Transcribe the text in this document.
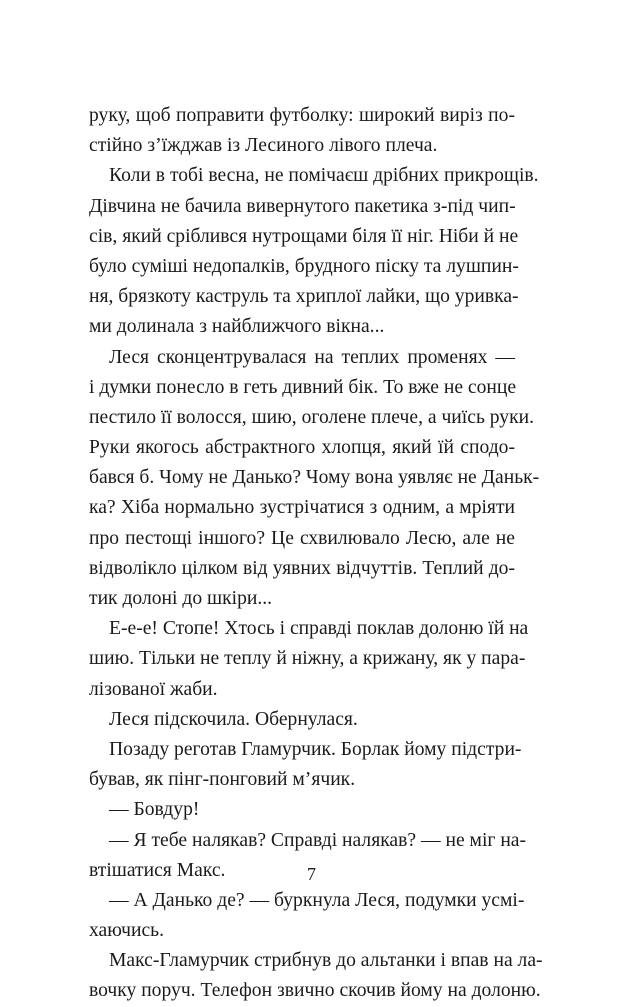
руку, щоб поправити футболку: широкий виріз по-
стійно з’їжджав із Лесиного лівого плеча.
Коли в тобі весна, не помічаєш дрібних прикрощів.
Дівчина не бачила вивернутого пакетика з-під чип-
сів, який сріблився нутрощами біля її ніг. Ніби й не
було суміші недопалків, брудного піску та лушпин-
ня, брязкоту каструль та хриплої лайки, що уривка-
ми долинала з найближчого вікна...
Леся сконцентрувалася на теплих променях —
і думки понесло в геть дивний бік. То вже не сонце
пестило її волосся, шию, оголене плече, а чиїсь руки.
Руки якогось абстрактного хлопця, який їй сподо-
бався б. Чому не Данько? Чому вона уявляє не Даньк-
ка? Хіба нормально зустрічатися з одним, а мріяти
про пестощі іншого? Це схвилювало Лесю, але не
відволікло цілком від уявних відчуттів. Теплий до-
тик долоні до шкіри...
Е-е-е! Стопе! Хтось і справді поклав долоню їй на
шию. Тільки не теплу й ніжну, а крижану, як у пара-
лізованої жаби.
Леся підскочила. Обернулася.
Позаду реготав Гламурчик. Борлак йому підстри-
бував, як пінг-понговий м’ячик.
— Бовдур!
— Я тебе налякав? Справді налякав? — не міг на-
втішатися Макс.
— А Данько де? — буркнула Леся, подумки усмі-
хаючись.
Макс-Гламурчик стрибнув до альтанки і впав на ла-
вочку поруч. Телефон звично скочив йому на долоню.
7
